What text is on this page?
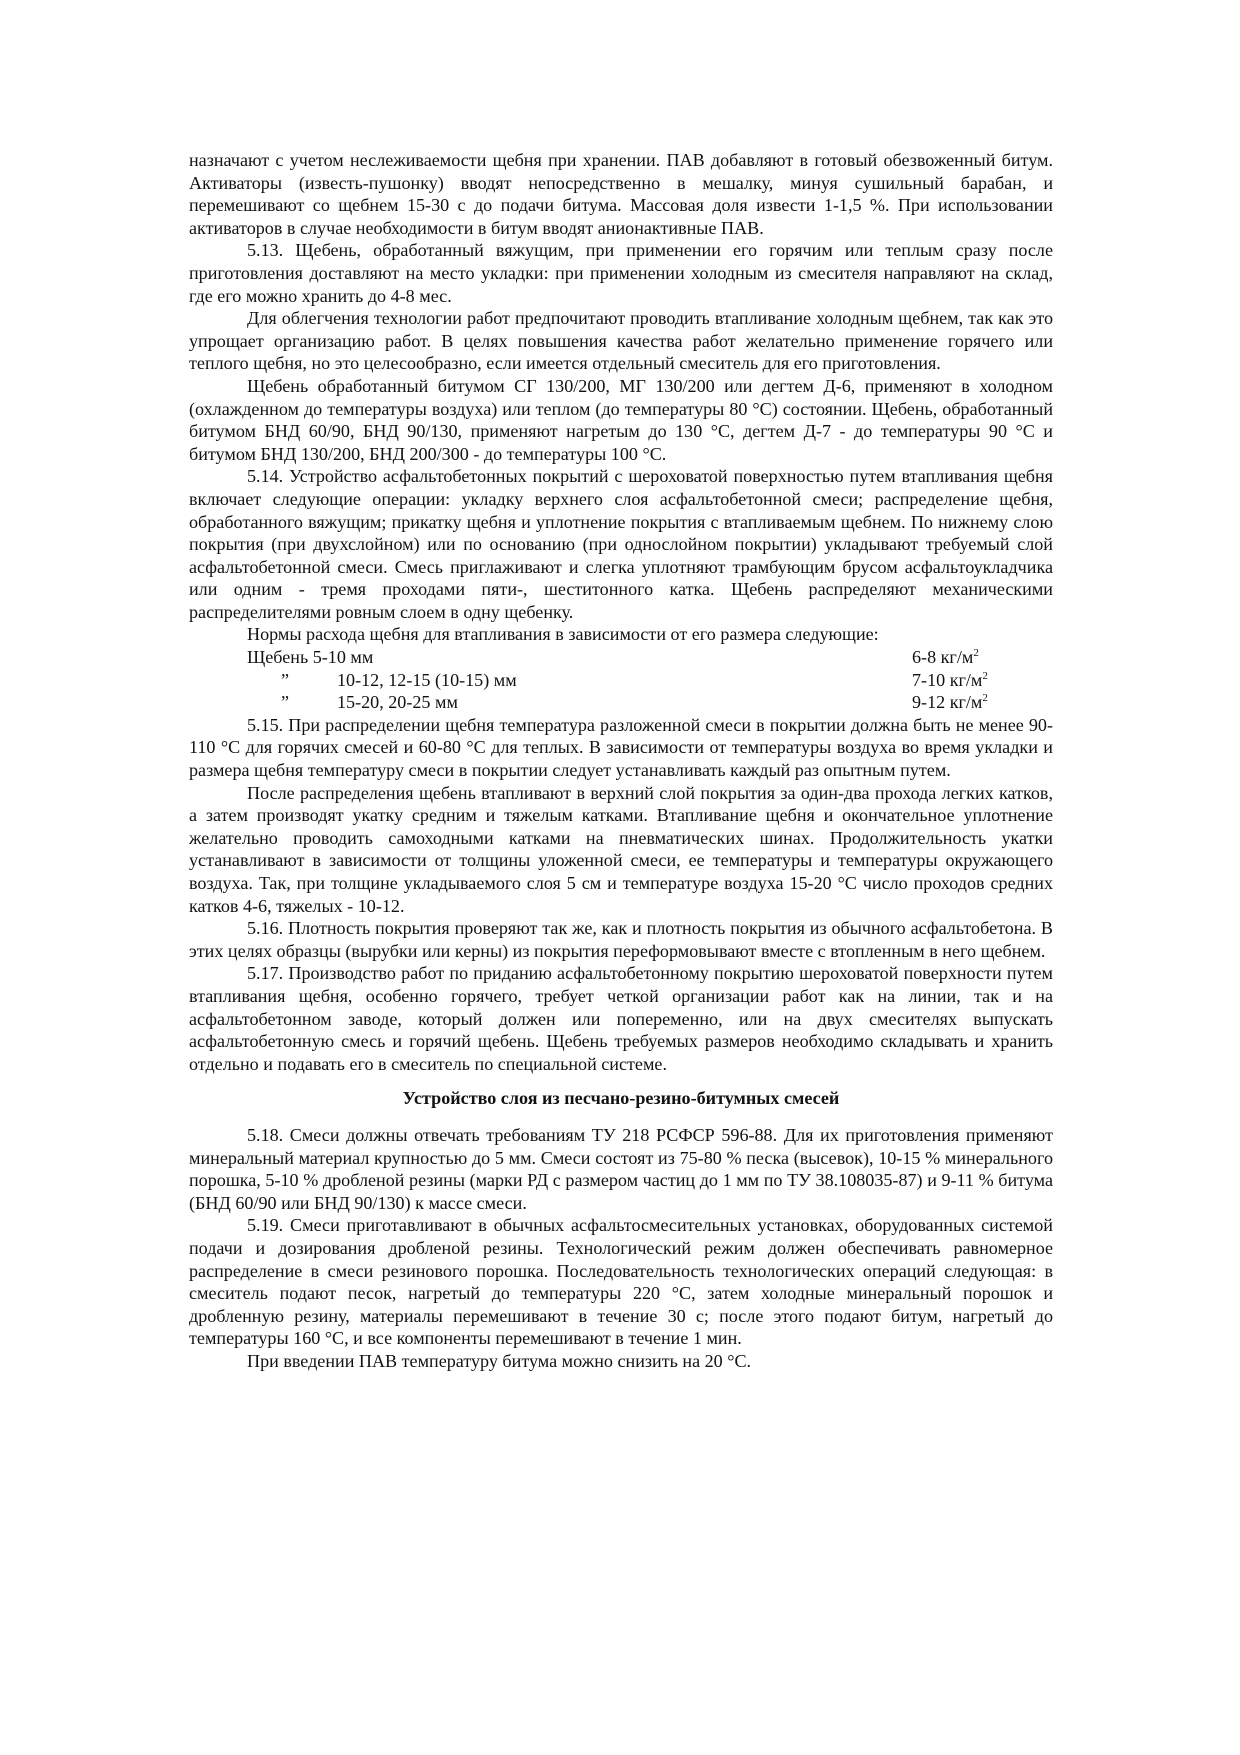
назначают с учетом неслеживаемости щебня при хранении. ПАВ добавляют в готовый обезвоженный битум. Активаторы (известь-пушонку) вводят непосредственно в мешалку, минуя сушильный барабан, и перемешивают со щебнем 15-30 с до подачи битума. Массовая доля извести 1-1,5 %. При использовании активаторов в случае необходимости в битум вводят анионактивные ПАВ.

5.13. Щебень, обработанный вяжущим, при применении его горячим или теплым сразу после приготовления доставляют на место укладки: при применении холодным из смесителя направляют на склад, где его можно хранить до 4-8 мес.

Для облегчения технологии работ предпочитают проводить втапливание холодным щебнем, так как это упрощает организацию работ. В целях повышения качества работ желательно применение горячего или теплого щебня, но это целесообразно, если имеется отдельный смеситель для его приготовления.

Щебень обработанный битумом СГ 130/200, МГ 130/200 или дегтем Д-6, применяют в холодном (охлажденном до температуры воздуха) или теплом (до температуры 80 °С) состоянии. Щебень, обработанный битумом БНД 60/90, БНД 90/130, применяют нагретым до 130 °С, дегтем Д-7 - до температуры 90 °С и битумом БНД 130/200, БНД 200/300 - до температуры 100 °С.

5.14. Устройство асфальтобетонных покрытий с шероховатой поверхностью путем втапливания щебня включает следующие операции: укладку верхнего слоя асфальтобетонной смеси; распределение щебня, обработанного вяжущим; прикатку щебня и уплотнение покрытия с втапливаемым щебнем. По нижнему слою покрытия (при двухслойном) или по основанию (при однослойном покрытии) укладывают требуемый слой асфальтобетонной смеси. Смесь приглаживают и слегка уплотняют трамбующим брусом асфальтоукладчика или одним - тремя проходами пяти-, шеститонного катка. Щебень распределяют механическими распределителями ровным слоем в одну щебенку.

Нормы расхода щебня для втапливания в зависимости от его размера следующие:

Щебень 5-10 мм	6-8 $кг/м^2$
”	10-12, 12-15 (10-15) мм	7-10 $кг/м^2$
”	15-20, 20-25 мм	9-12 $кг/м^2$

5.15. При распределении щебня температура разложенной смеси в покрытии должна быть не менее 90-110 °С для горячих смесей и 60-80 °С для теплых. В зависимости от температуры воздуха во время укладки и размера щебня температуру смеси в покрытии следует устанавливать каждый раз опытным путем.

После распределения щебень втапливают в верхний слой покрытия за один-два прохода легких катков, а затем производят укатку средним и тяжелым катками. Втапливание щебня и окончательное уплотнение желательно проводить самоходными катками на пневматических шинах. Продолжительность укатки устанавливают в зависимости от толщины уложенной смеси, ее температуры и температуры окружающего воздуха. Так, при толщине укладываемого слоя 5 см и температуре воздуха 15-20 °С число проходов средних катков 4-6, тяжелых - 10-12.

5.16. Плотность покрытия проверяют так же, как и плотность покрытия из обычного асфальтобетона. В этих целях образцы (вырубки или керны) из покрытия переформовывают вместе с втопленным в него щебнем.

5.17. Производство работ по приданию асфальтобетонному покрытию шероховатой поверхности путем втапливания щебня, особенно горячего, требует четкой организации работ как на линии, так и на асфальтобетонном заводе, который должен или попеременно, или на двух смесителях выпускать асфальтобетонную смесь и горячий щебень. Щебень требуемых размеров необходимо складывать и хранить отдельно и подавать его в смеситель по специальной системе.

Устройство слоя из песчано-резино-битумных смесей

5.18. Смеси должны отвечать требованиям ТУ 218 РСФСР 596-88. Для их приготовления применяют минеральный материал крупностью до 5 мм. Смеси состоят из 75-80 % песка (высевок), 10-15 % минерального порошка, 5-10 % дробленой резины (марки РД с размером частиц до 1 мм по ТУ 38.108035-87) и 9-11 % битума (БНД 60/90 или БНД 90/130) к массе смеси.

5.19. Смеси приготавливают в обычных асфальтосмесительных установках, оборудованных системой подачи и дозирования дробленой резины. Технологический режим должен обеспечивать равномерное распределение в смеси резинового порошка. Последовательность технологических операций следующая: в смеситель подают песок, нагретый до температуры 220 °С, затем холодные минеральный порошок и дробленную резину, материалы перемешивают в течение 30 с; после этого подают битум, нагретый до температуры 160 °С, и все компоненты перемешивают в течение 1 мин.

При введении ПАВ температуру битума можно снизить на 20 °С.
